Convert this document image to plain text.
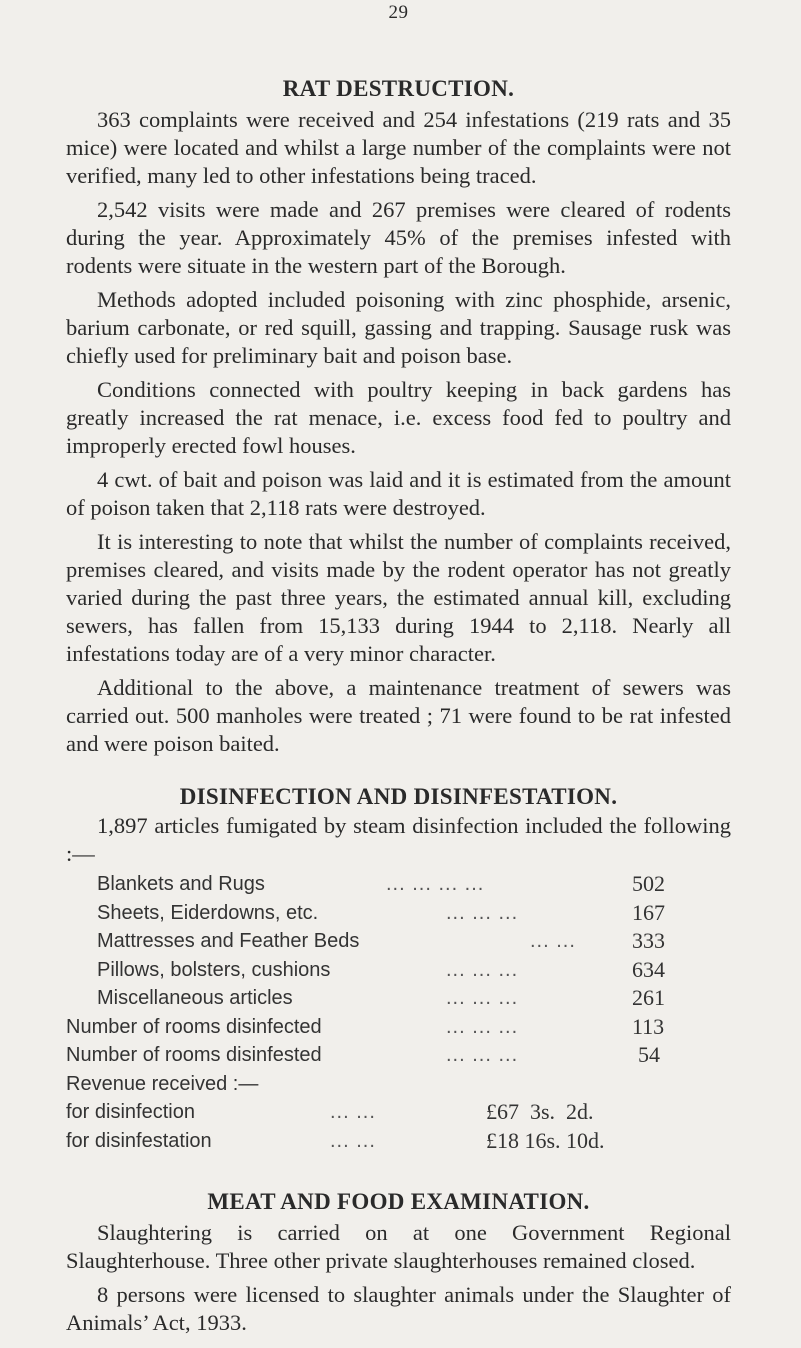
29
RAT DESTRUCTION.

363 complaints were received and 254 infestations (219 rats and 35 mice) were located and whilst a large number of the complaints were not verified, many led to other infestations being traced.

2,542 visits were made and 267 premises were cleared of rodents during the year. Approximately 45% of the premises infested with rodents were situate in the western part of the Borough.

Methods adopted included poisoning with zinc phosphide, arsenic, barium carbonate, or red squill, gassing and trapping. Sausage rusk was chiefly used for preliminary bait and poison base.

Conditions connected with poultry keeping in back gardens has greatly increased the rat menace, i.e. excess food fed to poultry and improperly erected fowl houses.

4 cwt. of bait and poison was laid and it is estimated from the amount of poison taken that 2,118 rats were destroyed.

It is interesting to note that whilst the number of complaints received, premises cleared, and visits made by the rodent operator has not greatly varied during the past three years, the estimated annual kill, excluding sewers, has fallen from 15,133 during 1944 to 2,118. Nearly all infestations today are of a very minor character.

Additional to the above, a maintenance treatment of sewers was carried out. 500 manholes were treated ; 71 were found to be rat infested and were poison baited.

DISINFECTION AND DISINFESTATION.

1,897 articles fumigated by steam disinfection included the following :—

Blankets and Rugs	... ... ... ...	502
Sheets, Eiderdowns, etc.	... ... ...	167
Mattresses and Feather Beds	... ...	333
Pillows, bolsters, cushions	... ... ...	634
Miscellaneous articles	... ... ...	261
Number of rooms disinfected	... ... ...	113
Number of rooms disinfested	... ... ...	54
Revenue received :—
for disinfection	... ...	£67  3s.  2d.
for disinfestation	... ...	£18 16s. 10d.
MEAT AND FOOD EXAMINATION.

Slaughtering is carried on at one Government Regional Slaughterhouse. Three other private slaughterhouses remained closed.

8 persons were licensed to slaughter animals under the Slaughter of Animals’ Act, 1933.
